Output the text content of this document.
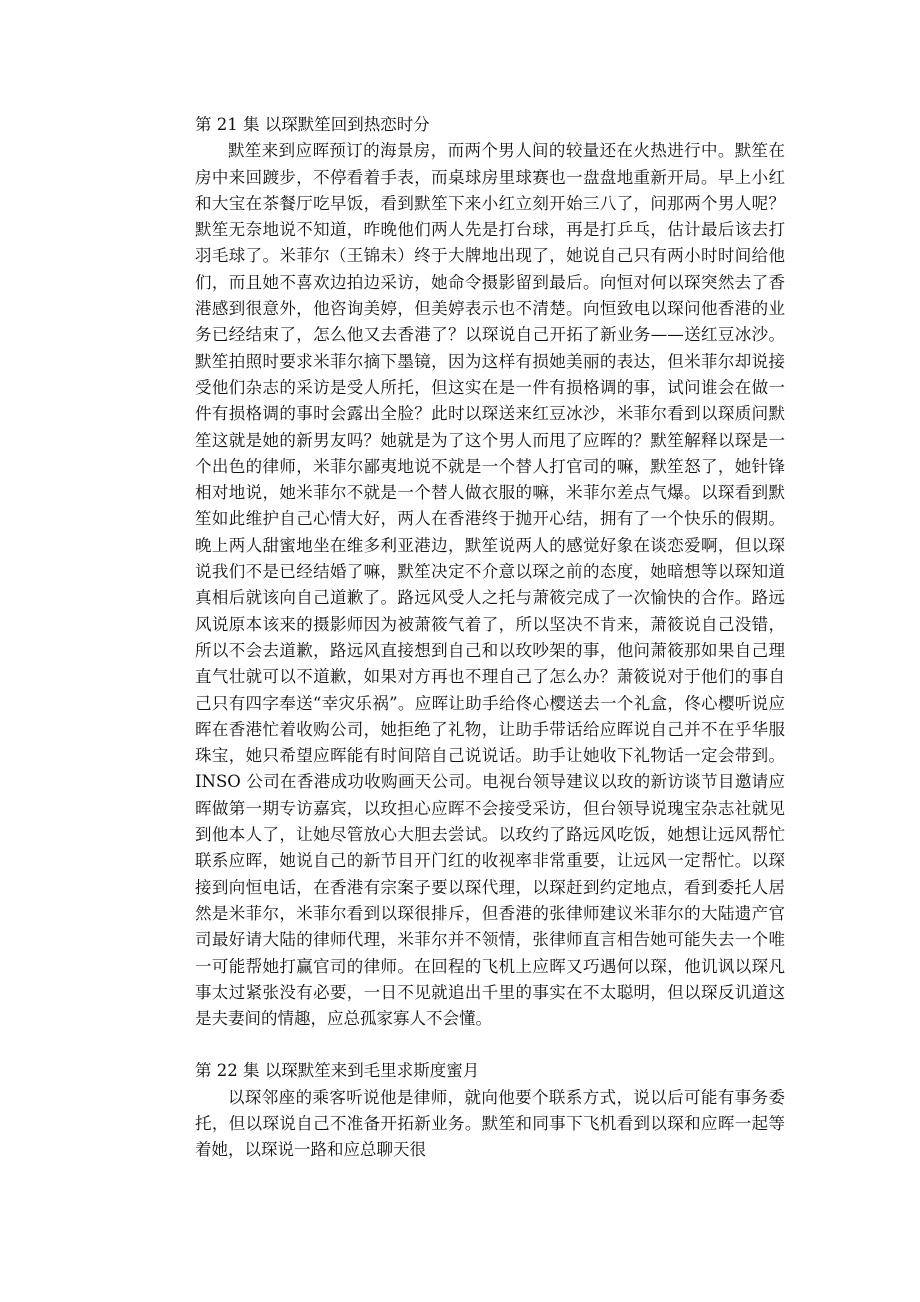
第 21 集 以琛默笙回到热恋时分

默笙来到应晖预订的海景房，而两个男人间的较量还在火热进行中。默笙在房中来回踱步，不停看着手表，而桌球房里球赛也一盘盘地重新开局。早上小红和大宝在茶餐厅吃早饭，看到默笙下来小红立刻开始三八了，问那两个男人呢？默笙无奈地说不知道，昨晚他们两人先是打台球，再是打乒乓，估计最后该去打羽毛球了。米菲尔（王锦未）终于大牌地出现了，她说自己只有两小时时间给他们，而且她不喜欢边拍边采访，她命令摄影留到最后。向恒对何以琛突然去了香港感到很意外，他咨询美婷，但美婷表示也不清楚。向恒致电以琛问他香港的业务已经结束了，怎么他又去香港了？以琛说自己开拓了新业务——送红豆冰沙。默笙拍照时要求米菲尔摘下墨镜，因为这样有损她美丽的表达，但米菲尔却说接受他们杂志的采访是受人所托，但这实在是一件有损格调的事，试问谁会在做一件有损格调的事时会露出全脸？此时以琛送来红豆冰沙，米菲尔看到以琛质问默笙这就是她的新男友吗？她就是为了这个男人而甩了应晖的？默笙解释以琛是一个出色的律师，米菲尔鄙夷地说不就是一个替人打官司的嘛，默笙怒了，她针锋相对地说，她米菲尔不就是一个替人做衣服的嘛，米菲尔差点气爆。以琛看到默笙如此维护自己心情大好，两人在香港终于抛开心结，拥有了一个快乐的假期。晚上两人甜蜜地坐在维多利亚港边，默笙说两人的感觉好象在谈恋爱啊，但以琛说我们不是已经结婚了嘛，默笙决定不介意以琛之前的态度，她暗想等以琛知道真相后就该向自己道歉了。路远风受人之托与萧筱完成了一次愉快的合作。路远风说原本该来的摄影师因为被萧筱气着了，所以坚决不肯来，萧筱说自己没错，所以不会去道歉，路远风直接想到自己和以玫吵架的事，他问萧筱那如果自己理直气壮就可以不道歉，如果对方再也不理自己了怎么办？萧筱说对于他们的事自己只有四字奉送“幸灾乐祸”。应晖让助手给佟心樱送去一个礼盒，佟心樱听说应晖在香港忙着收购公司，她拒绝了礼物，让助手带话给应晖说自己并不在乎华服珠宝，她只希望应晖能有时间陪自己说说话。助手让她收下礼物话一定会带到。INSO 公司在香港成功收购画天公司。电视台领导建议以玫的新访谈节目邀请应晖做第一期专访嘉宾，以玫担心应晖不会接受采访，但台领导说瑰宝杂志社就见到他本人了，让她尽管放心大胆去尝试。以玫约了路远风吃饭，她想让远风帮忙联系应晖，她说自己的新节目开门红的收视率非常重要，让远风一定帮忙。以琛接到向恒电话，在香港有宗案子要以琛代理，以琛赶到约定地点，看到委托人居然是米菲尔，米菲尔看到以琛很排斥，但香港的张律师建议米菲尔的大陆遗产官司最好请大陆的律师代理，米菲尔并不领情，张律师直言相告她可能失去一个唯一可能帮她打赢官司的律师。在回程的飞机上应晖又巧遇何以琛，他讥讽以琛凡事太过紧张没有必要，一日不见就追出千里的事实在不太聪明，但以琛反讥道这是夫妻间的情趣，应总孤家寡人不会懂。

第 22 集 以琛默笙来到毛里求斯度蜜月

以琛邻座的乘客听说他是律师，就向他要个联系方式，说以后可能有事务委托，但以琛说自己不准备开拓新业务。默笙和同事下飞机看到以琛和应晖一起等着她，以琛说一路和应总聊天很
